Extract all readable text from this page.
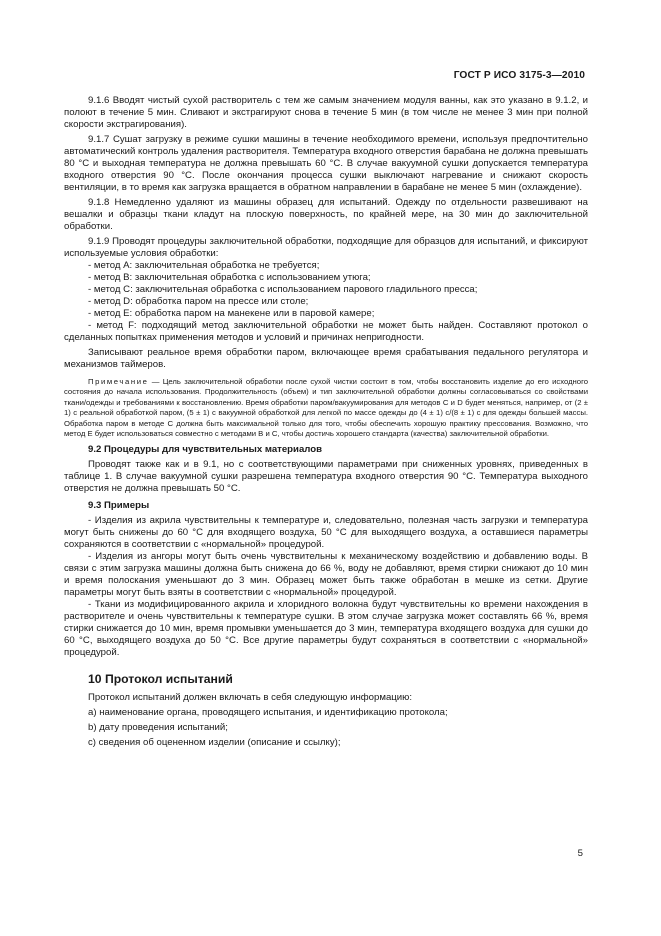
ГОСТ Р ИСО 3175-3—2010

9.1.6 Вводят чистый сухой растворитель с тем же самым значением модуля ванны, как это указано в 9.1.2, и полоют в течение 5 мин. Сливают и экстрагируют снова в течение 5 мин (в том числе не менее 3 мин при полной скорости экстрагирования).

9.1.7 Сушат загрузку в режиме сушки машины в течение необходимого времени, используя предпочтительно автоматический контроль удаления растворителя. Температура входного отверстия барабана не должна превышать 80 °С и выходная температура не должна превышать 60 °С. В случае вакуумной сушки допускается температура входного отверстия 90 °С. После окончания процесса сушки выключают нагревание и снижают скорость вентиляции, в то время как загрузка вращается в обратном направлении в барабане не менее 5 мин (охлаждение).

9.1.8 Немедленно удаляют из машины образец для испытаний. Одежду по отдельности развешивают на вешалки и образцы ткани кладут на плоскую поверхность, по крайней мере, на 30 мин до заключительной обработки.

9.1.9 Проводят процедуры заключительной обработки, подходящие для образцов для испытаний, и фиксируют используемые условия обработки:

- метод А: заключительная обработка не требуется;

- метод В: заключительная обработка с использованием утюга;

- метод С: заключительная обработка с использованием парового гладильного пресса;

- метод D: обработка паром на прессе или столе;

- метод Е: обработка паром на манекене или в паровой камере;

- метод F: подходящий метод заключительной обработки не может быть найден. Составляют протокол о сделанных попытках применения методов и условий и причинах непригодности.

Записывают реальное время обработки паром, включающее время срабатывания педального регулятора и механизмов таймеров.

Примечание — Цель заключительной обработки после сухой чистки состоит в том, чтобы восстановить изделие до его исходного состояния до начала использования. Продолжительность (объем) и тип заключительной обработки должны согласовываться со свойствами ткани/одежды и требованиями к восстановлению. Время обработки паром/вакуумирования для методов С и D будет меняться, например, от (2 ± 1) с реальной обработкой паром, (5 ± 1) с вакуумной обработкой для легкой по массе одежды до (4 ± 1) с/(8 ± 1) с для одежды большей массы. Обработка паром в методе С должна быть максимальной только для того, чтобы обеспечить хорошую практику прессования. Возможно, что метод Е будет использоваться совместно с методами В и С, чтобы достичь хорошего стандарта (качества) заключительной обработки.

9.2 Процедуры для чувствительных материалов

Проводят также как и в 9.1, но с соответствующими параметрами при сниженных уровнях, приведенных в таблице 1. В случае вакуумной сушки разрешена температура входного отверстия 90 °С. Температура выходного отверстия не должна превышать 50 °С.

9.3 Примеры

- Изделия из акрила чувствительны к температуре и, следовательно, полезная часть загрузки и температура могут быть снижены до 60 °С для входящего воздуха, 50 °С для выходящего воздуха, а оставшиеся параметры сохраняются в соответствии с «нормальной» процедурой.

- Изделия из ангоры могут быть очень чувствительны к механическому воздействию и добавлению воды. В связи с этим загрузка машины должна быть снижена до 66 %, воду не добавляют, время стирки снижают до 10 мин и время полоскания уменьшают до 3 мин. Образец может быть также обработан в мешке из сетки. Другие параметры могут быть взяты в соответствии с «нормальной» процедурой.

- Ткани из модифицированного акрила и хлоридного волокна будут чувствительны ко времени нахождения в растворителе и очень чувствительны к температуре сушки. В этом случае загрузка может составлять 66 %, время стирки снижается до 10 мин, время промывки уменьшается до 3 мин, температура входящего воздуха для сушки до 60 °С, выходящего воздуха до 50 °С. Все другие параметры будут сохраняться в соответствии с «нормальной» процедурой.

10 Протокол испытаний

Протокол испытаний должен включать в себя следующую информацию:

a) наименование органа, проводящего испытания, и идентификацию протокола;

b) дату проведения испытаний;

c) сведения об оцененном изделии (описание и ссылку);

5
